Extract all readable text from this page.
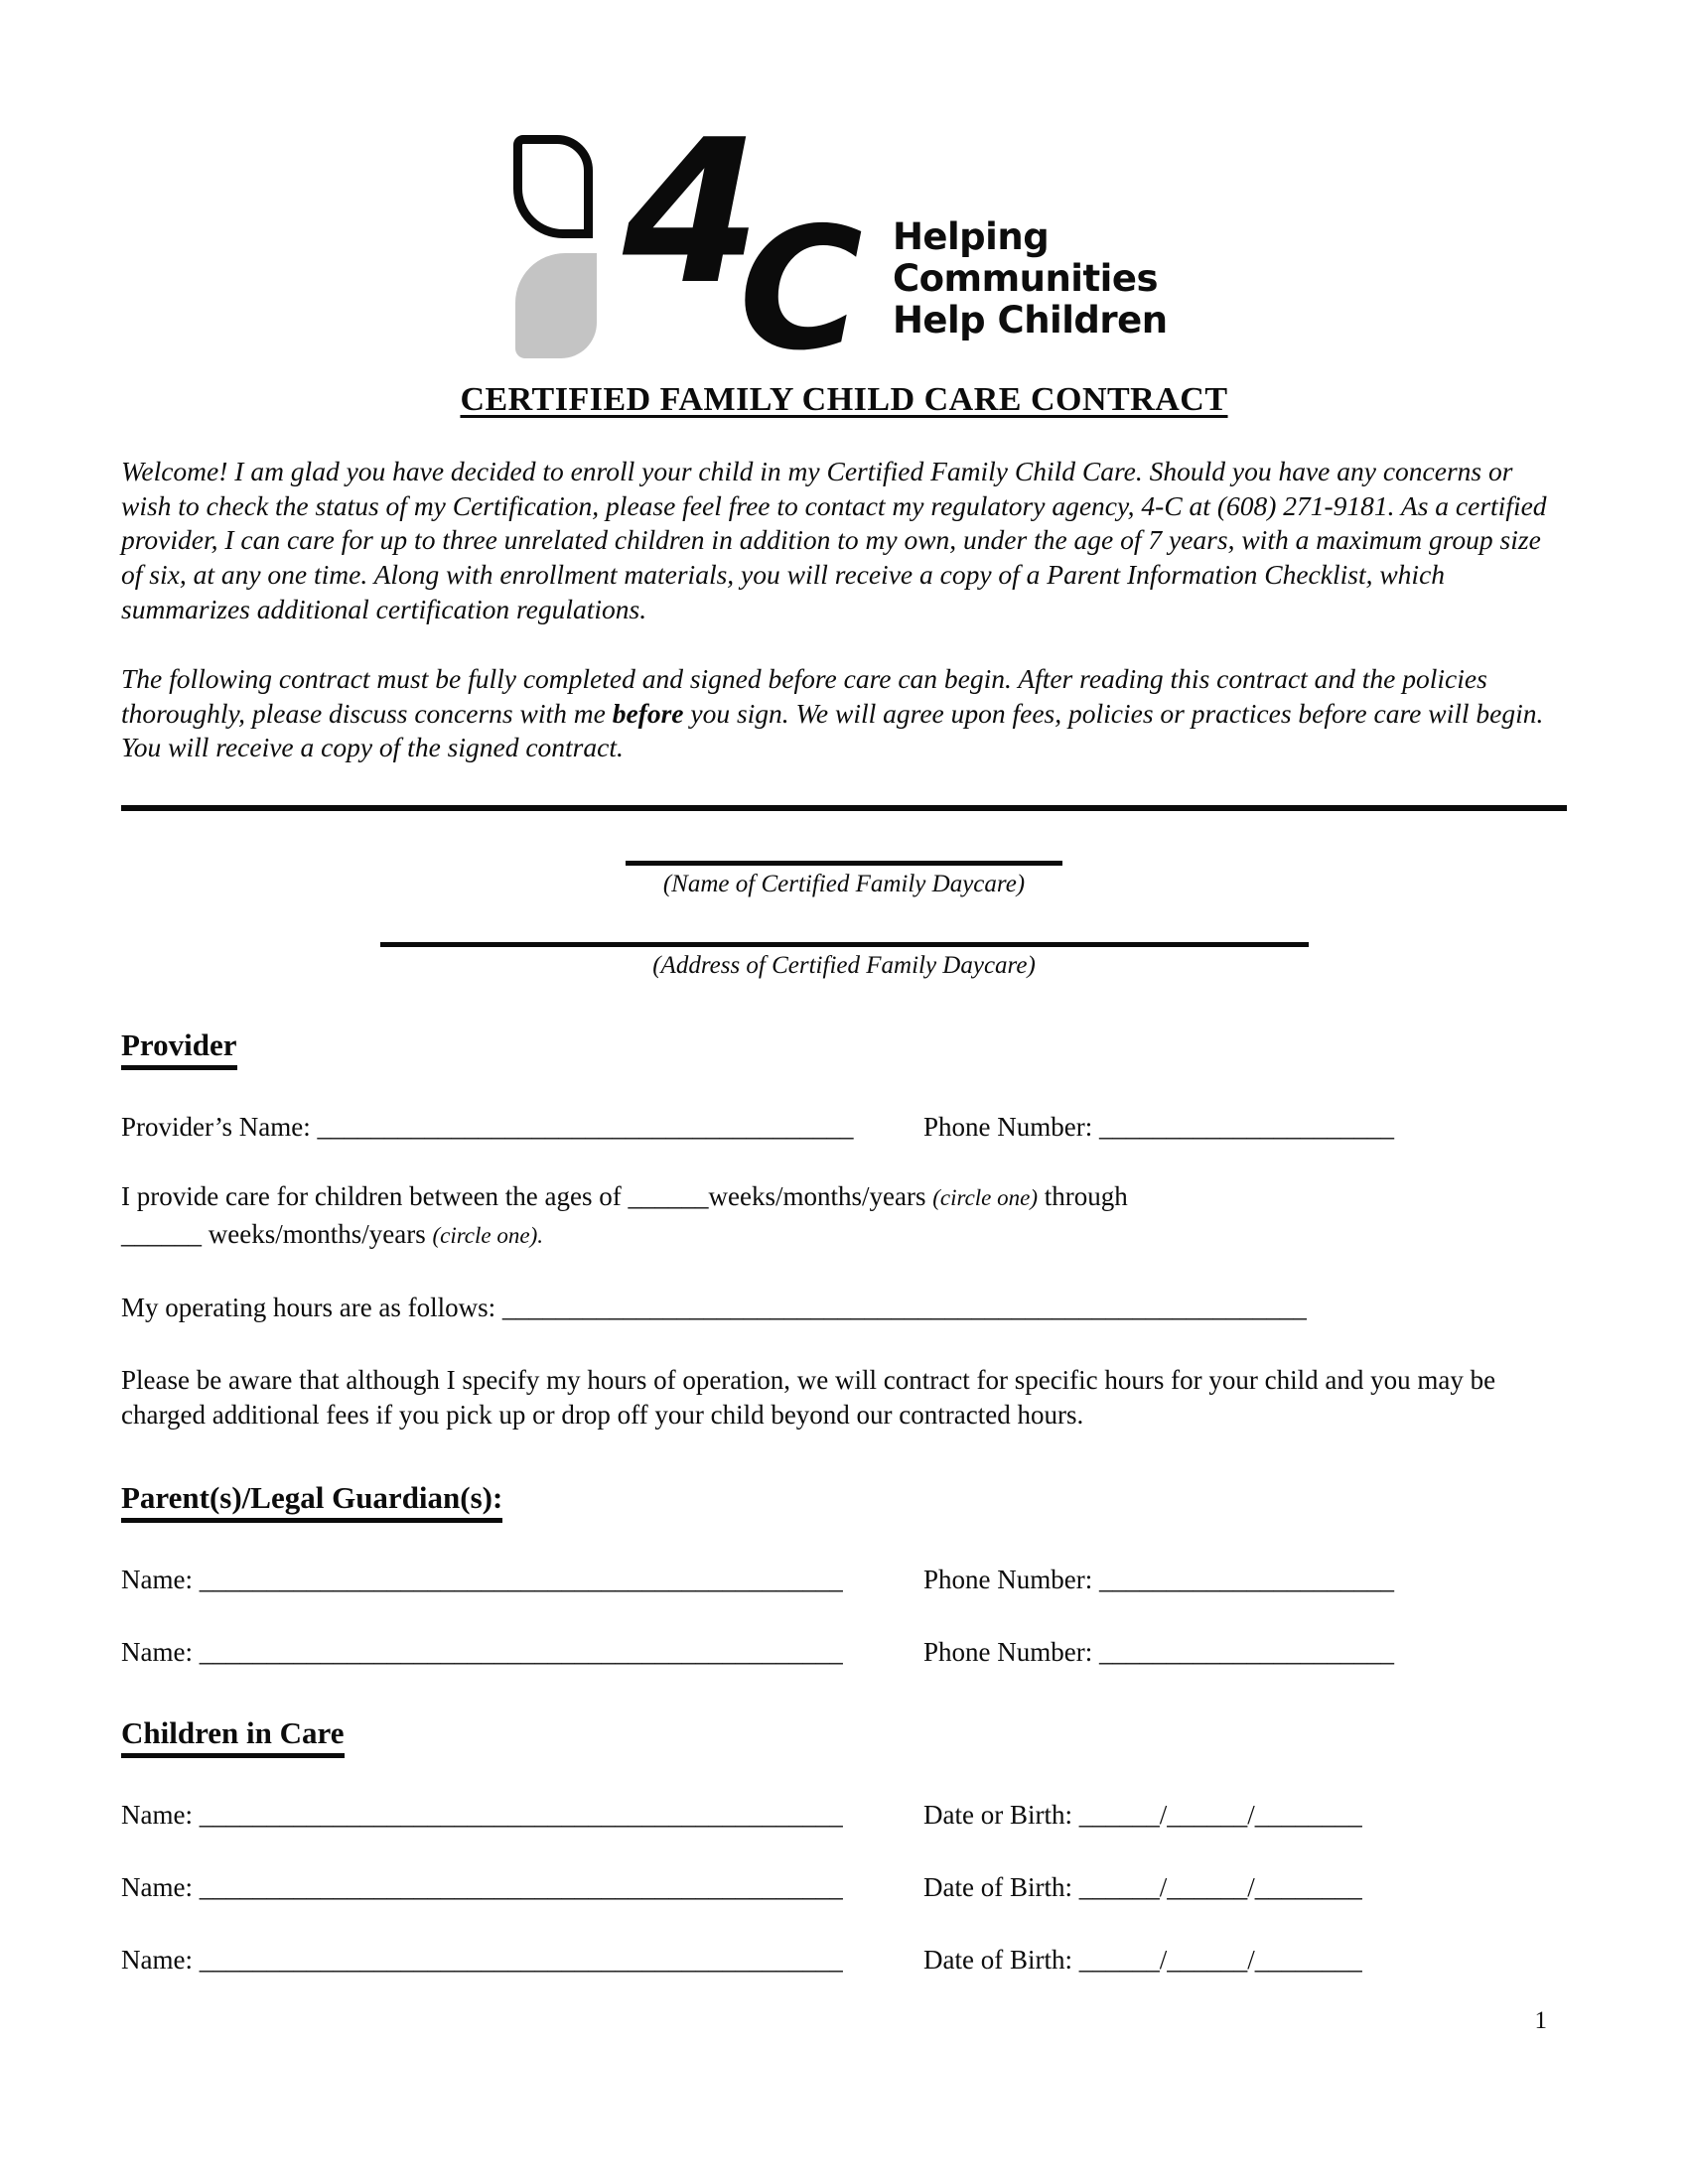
4
C Helping
Communities
Help Children
CERTIFIED FAMILY CHILD CARE CONTRACT

Welcome! I am glad you have decided to enroll your child in my Certified Family Child Care. Should you have any concerns or wish to check the status of my Certification, please feel free to contact my regulatory agency, 4-C at (608) 271-9181. As a certified provider, I can care for up to three unrelated children in addition to my own, under the age of 7 years, with a maximum group size of six, at any one time. Along with enrollment materials, you will receive a copy of a Parent Information Checklist, which summarizes additional certification regulations.

The following contract must be fully completed and signed before care can begin. After reading this contract and the policies thoroughly, please discuss concerns with me before you sign. We will agree upon fees, policies or practices before care will begin. You will receive a copy of the signed contract.

(Name of Certified Family Daycare)
(Address of Certified Family Daycare)
Provider
Provider’s Name: ________________________________________	Phone Number: ______________________

I provide care for children between the ages of ______weeks/months/years (circle one) through
______ weeks/months/years (circle one).

My operating hours are as follows: ____________________________________________________________

Please be aware that although I specify my hours of operation, we will contract for specific hours for your child and you may be charged additional fees if you pick up or drop off your child beyond our contracted hours.

Parent(s)/Legal Guardian(s):
Name: ________________________________________________	Phone Number: ______________________
Name: ________________________________________________	Phone Number: ______________________
Children in Care
Name: ________________________________________________	Date or Birth: ______/______/________
Name: ________________________________________________	Date of Birth: ______/______/________
Name: ________________________________________________	Date of Birth: ______/______/________
1
